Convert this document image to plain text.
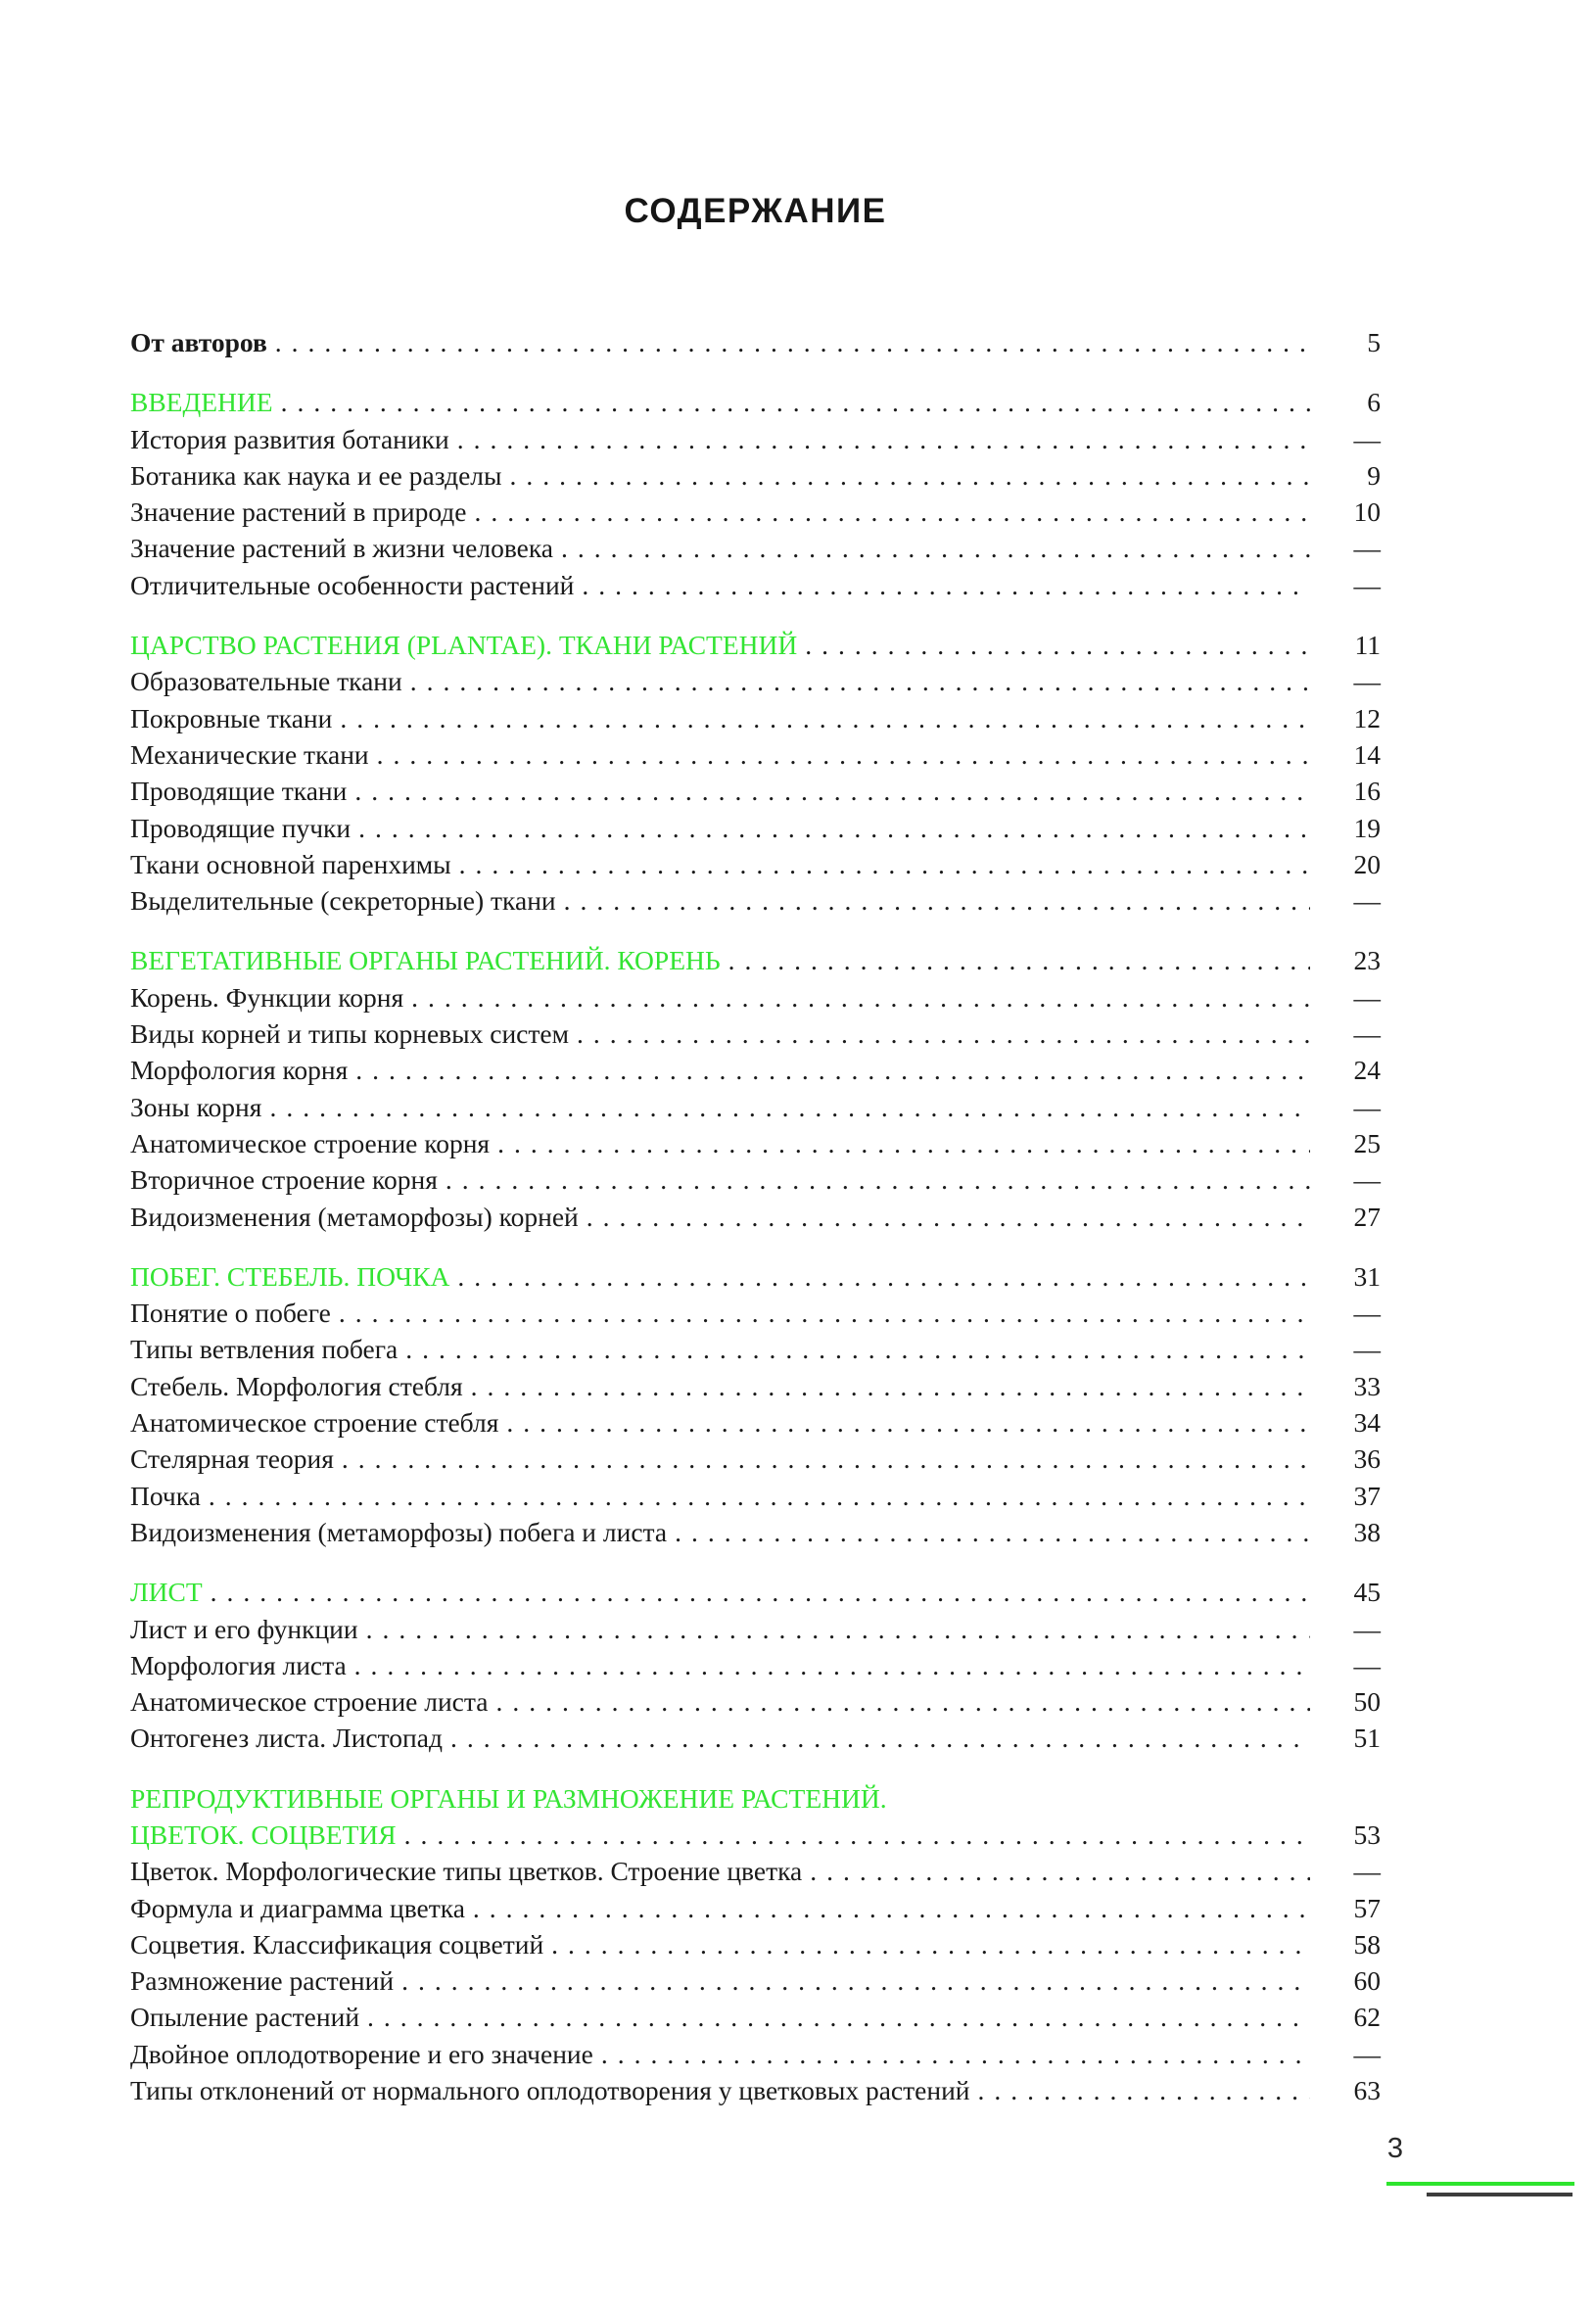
СОДЕРЖАНИЕ
От авторов .....	5
ВВЕДЕНИЕ .....	6
История развития ботаники .....	—
Ботаника как наука и ее разделы .....	9
Значение растений в природе .....	10
Значение растений в жизни человека .....	—
Отличительные особенности растений .....	—
ЦАРСТВО РАСТЕНИЯ (PLANTAE). ТКАНИ РАСТЕНИЙ .....	11
Образовательные ткани .....	—
Покровные ткани .....	12
Механические ткани .....	14
Проводящие ткани .....	16
Проводящие пучки .....	19
Ткани основной паренхимы .....	20
Выделительные (секреторные) ткани .....	—
ВЕГЕТАТИВНЫЕ ОРГАНЫ РАСТЕНИЙ. КОРЕНЬ .....	23
Корень. Функции корня .....	—
Виды корней и типы корневых систем .....	—
Морфология корня .....	24
Зоны корня .....	—
Анатомическое строение корня .....	25
Вторичное строение корня .....	—
Видоизменения (метаморфозы) корней .....	27
ПОБЕГ. СТЕБЕЛЬ. ПОЧКА .....	31
Понятие о побеге .....	—
Типы ветвления побега .....	—
Стебель. Морфология стебля .....	33
Анатомическое строение стебля .....	34
Стелярная теория .....	36
Почка .....	37
Видоизменения (метаморфозы) побега и листа .....	38
ЛИСТ .....	45
Лист и его функции .....	—
Морфология листа .....	—
Анатомическое строение листа .....	50
Онтогенез листа. Листопад .....	51
РЕПРОДУКТИВНЫЕ ОРГАНЫ И РАЗМНОЖЕНИЕ РАСТЕНИЙ.
ЦВЕТОК. СОЦВЕТИЯ .....	53
Цветок. Морфологические типы цветков. Строение цветка .....	—
Формула и диаграмма цветка .....	57
Соцветия. Классификация соцветий .....	58
Размножение растений .....	60
Опыление растений .....	62
Двойное оплодотворение и его значение .....	—
Типы отклонений от нормального оплодотворения у цветковых растений .....	63
3
